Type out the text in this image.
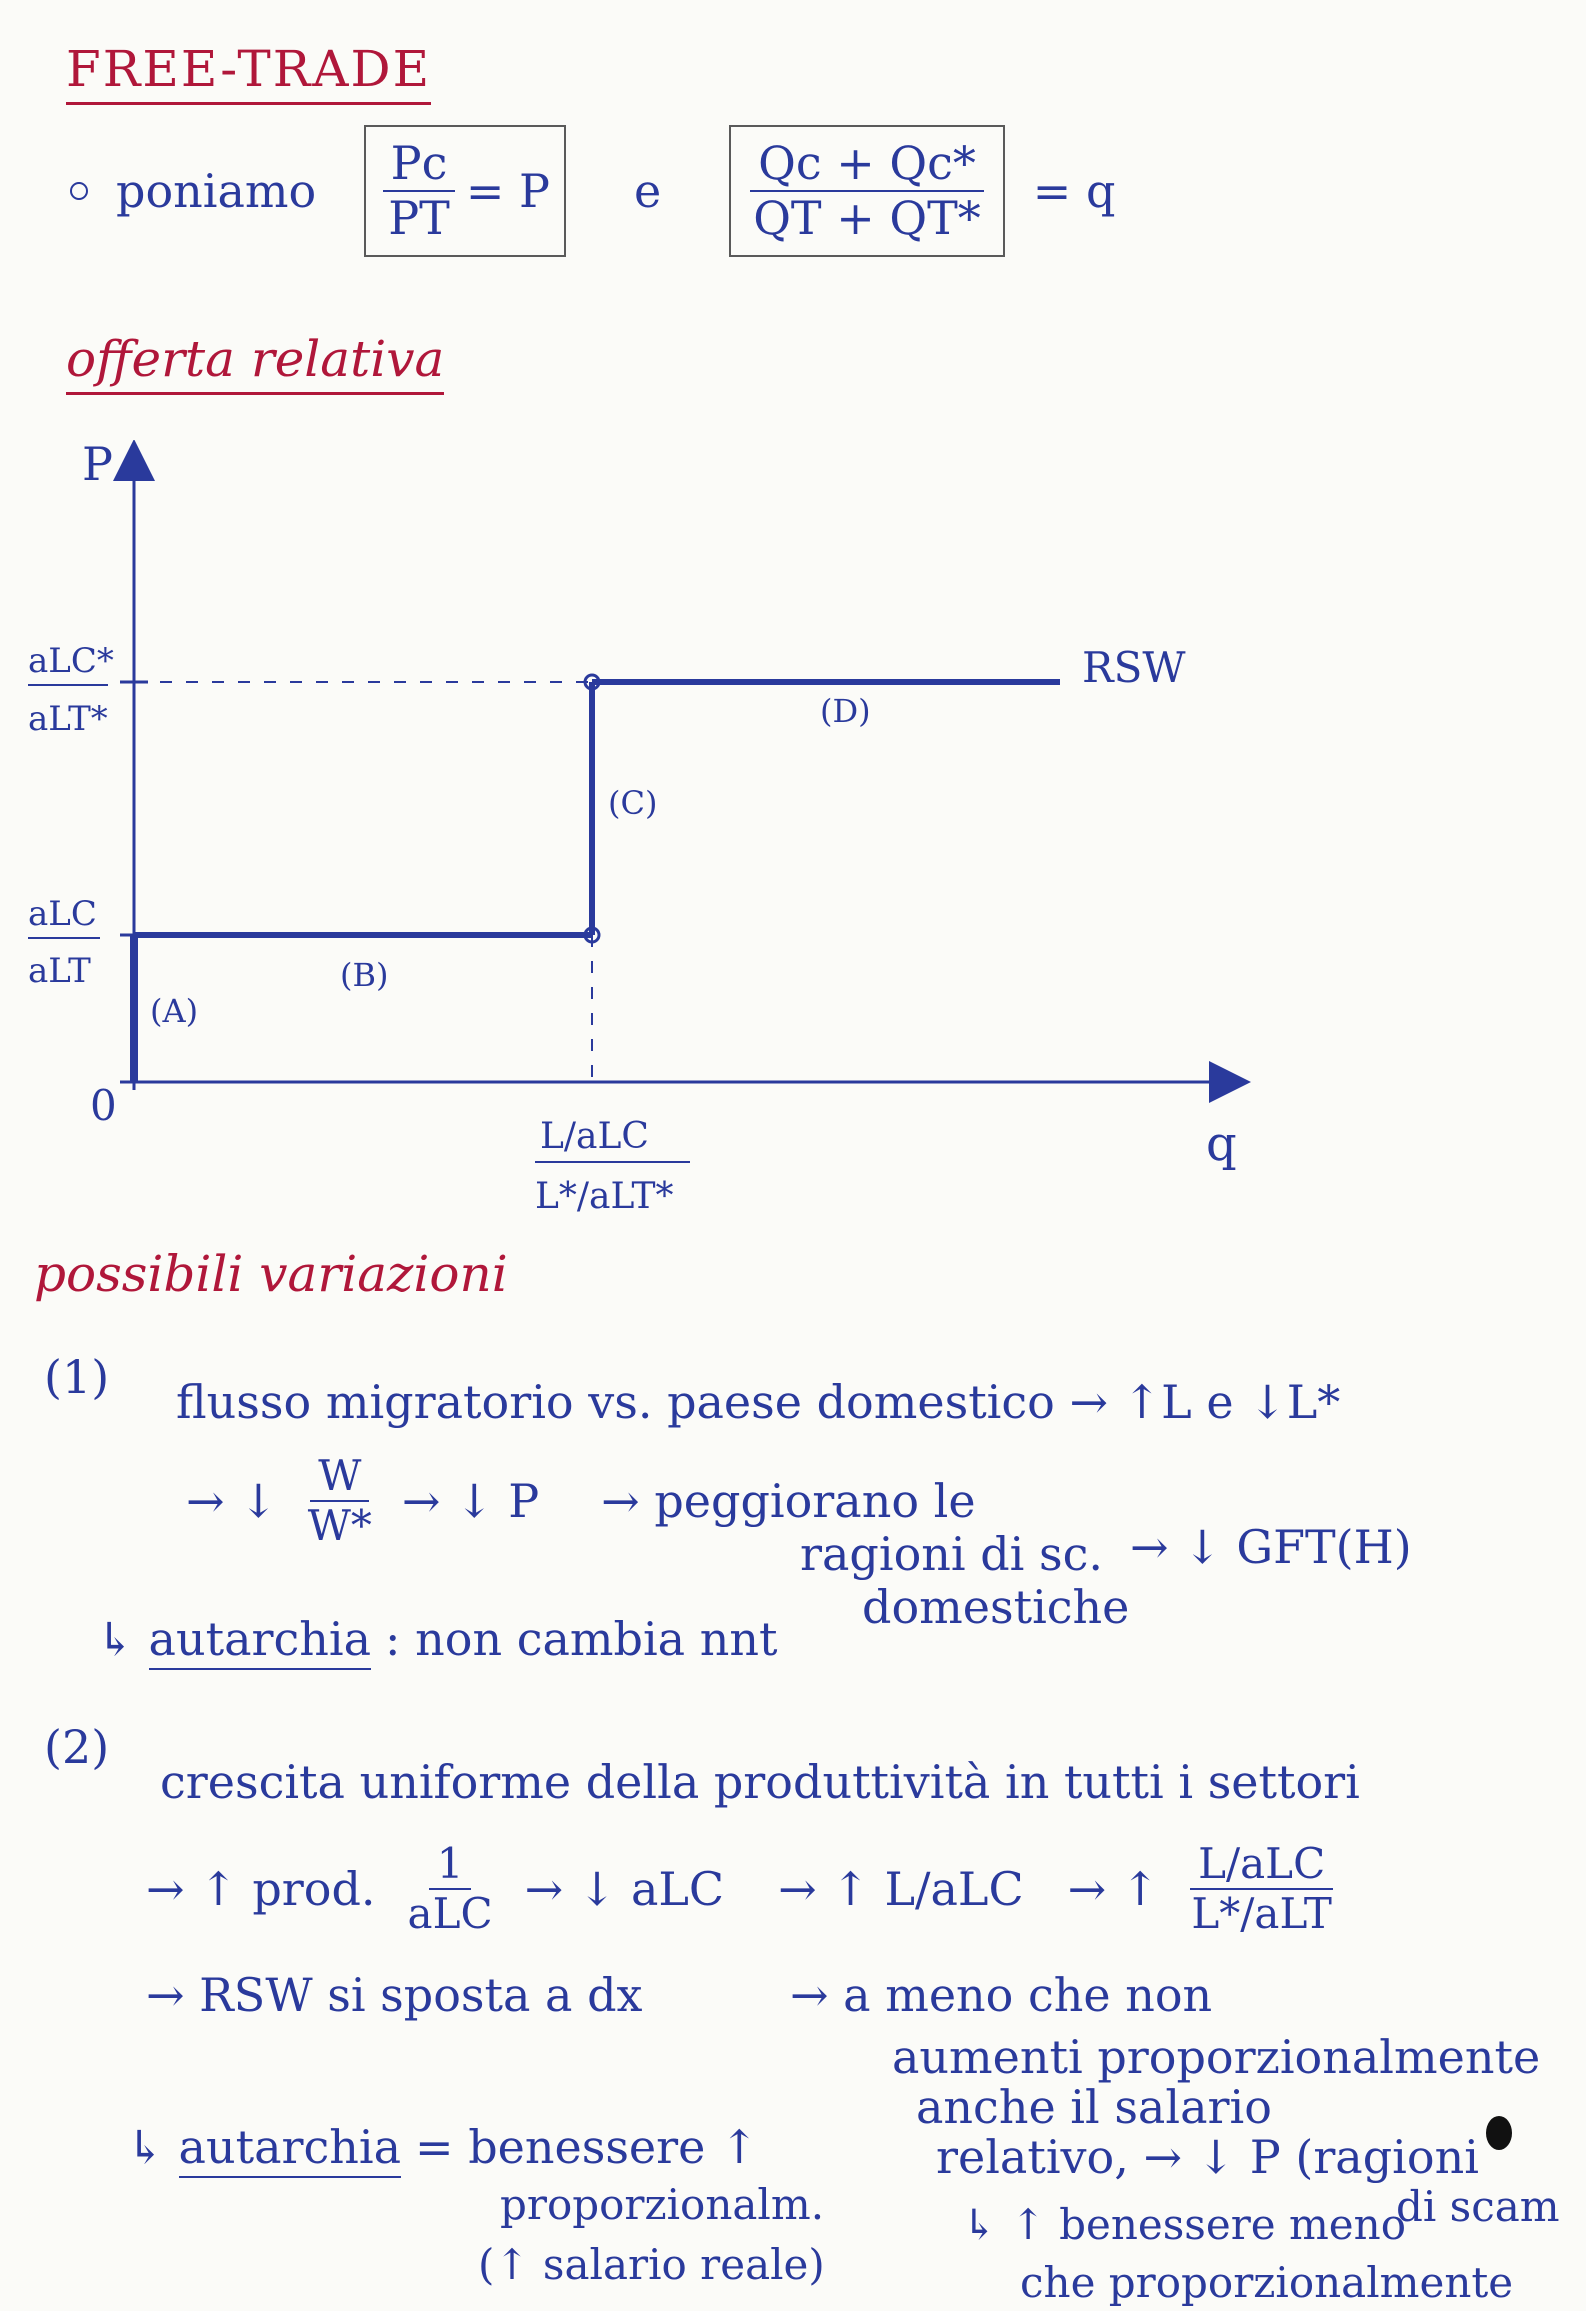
FREE-TRADE
poniamo $\frac{Pc}{PT} = P$ e $\frac{Qc + Qc*}{QT + QT*} = q$
offerta relativa
P
q
0
aLC*
aLT*
aLC
aLT
L/aLC
L*/aLT*
RSW
(A)
(B)
(C)
(D)
possibili variazioni
(1) flusso migratorio vs. paese domestico → ↑L e ↓L*
→ ↓ $\frac{W}{W*}$ → ↓ P → peggiorano le
ragioni di sc. → ↓ GFT(H)
domestiche
↳ autarchia : non cambia nnt
(2)
crescita uniforme della produttività in tutti i settori
→ ↑ prod. $\frac{1}{\text{aLC}}$ → ↓ aLC → ↑ L/aLC → ↑ $\frac{\text{L/aLC}}{\text{L*/aLT}}$
→ RSW si sposta a dx	→ a meno che non
aumenti proporzionalmente
anche il salario
relativo, → ↓ P (ragioni
di scam
↳ autarchia = benessere ↑
proporzionalm.
(↑ salario reale)
↳ ↑ benessere meno
che proporzionalmente
